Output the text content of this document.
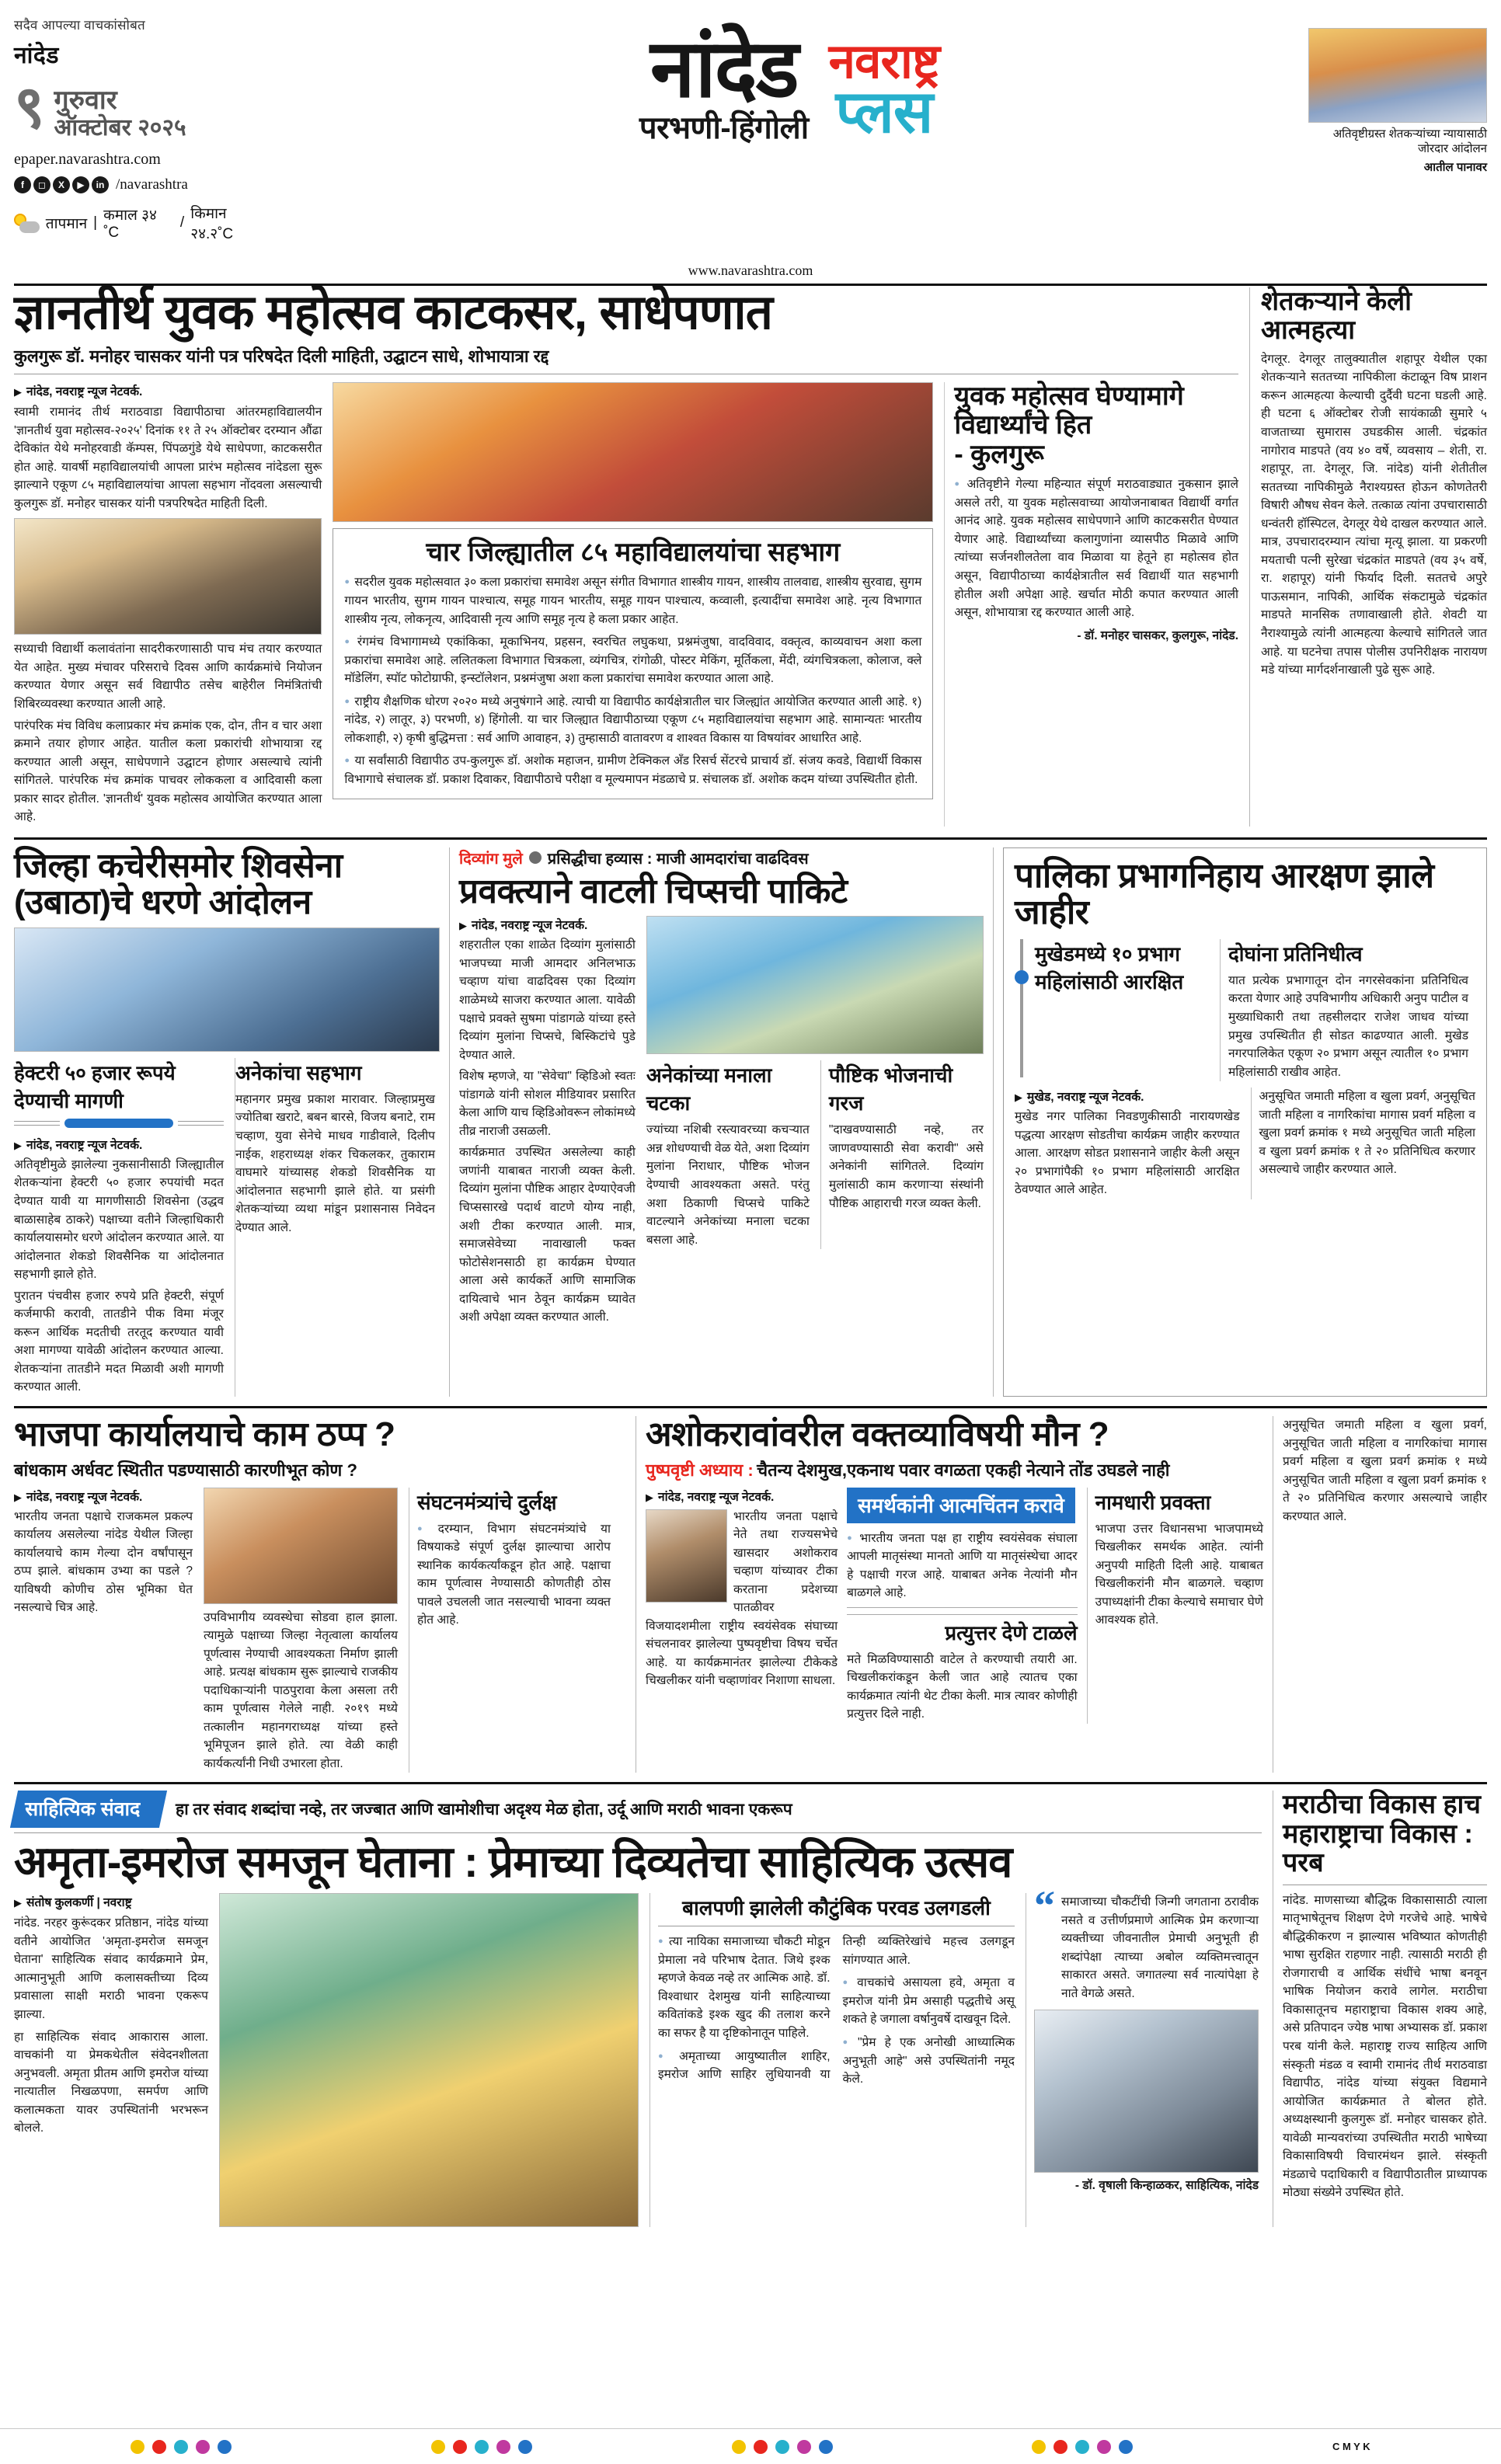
सदैव आपल्या वाचकांसोबत
नांदेड
९ गुरुवार
ऑक्टोबर २०२५
epaper.navarashtra.com
f	◻	X	▶	in /navarashtra
तापमान | कमाल ३४ ˚C
/
किमान २४.२˚C
नांदेड
परभणी-हिंगोली
नवराष्ट्र
प्लस	अतिवृष्टीग्रस्त शेतकऱ्यांच्या न्यायासाठी जोरदार आंदोलन
आतील पानावर
www.navarashtra.com
ज्ञानतीर्थ युवक महोत्सव काटकसर, साधेपणात
कुलगुरू डॉ. मनोहर चासकर यांनी पत्र परिषदेत दिली माहिती, उद्घाटन साधे, शोभायात्रा रद्द
▶ नांदेड, नवराष्ट्र न्यूज नेटवर्क.
स्वामी रामानंद तीर्थ मराठवाडा विद्यापीठाचा आंतरमहाविद्यालयीन 'ज्ञानतीर्थ युवा महोत्सव-२०२५' दिनांक ११ ते २५ ऑक्टोबर दरम्यान औंढा देविकांत येथे मनोहरवाडी कॅम्पस, पिंपळगुंडे येथे साधेपणा, काटकसरीत होत आहे. यावर्षी महाविद्यालयांची आपला प्रारंभ महोत्सव नांदेडला सुरू झाल्याने एकूण ८५ महाविद्यालयांचा आपला सहभाग नोंदवला असल्याची कुलगुरू डॉ. मनोहर चासकर यांनी पत्रपरिषदेत माहिती दिली.
सध्याची विद्यार्थी कलावंतांना सादरीकरणासाठी पाच मंच तयार करण्यात येत आहेत. मुख्य मंचावर परिसराचे दिवस आणि कार्यक्रमांचे नियोजन करण्यात येणार असून सर्व विद्यापीठ तसेच बाहेरील निमंत्रितांची शिबिरव्यवस्था करण्यात आली आहे.
पारंपरिक मंच विविध कलाप्रकार मंच क्रमांक एक, दोन, तीन व चार अशा क्रमाने तयार होणार आहेत. यातील कला प्रकारांची शोभायात्रा रद्द करण्यात आली असून, साधेपणाने उद्घाटन होणार असल्याचे त्यांनी सांगितले. पारंपरिक मंच क्रमांक पाचवर लोककला व आदिवासी कला प्रकार सादर होतील. 'ज्ञानतीर्थ' युवक महोत्सव आयोजित करण्यात आला आहे.
चार जिल्ह्यातील ८५ महाविद्यालयांचा सहभाग
● सदरील युवक महोत्सवात ३० कला प्रकारांचा समावेश असून संगीत विभागात शास्त्रीय गायन, शास्त्रीय तालवाद्य, शास्त्रीय सुरवाद्य, सुगम गायन भारतीय, सुगम गायन पाश्चात्य, समूह गायन भारतीय, समूह गायन पाश्चात्य, कव्वाली, इत्यादींचा समावेश आहे. नृत्य विभागात शास्त्रीय नृत्य, लोकनृत्य, आदिवासी नृत्य आणि समूह नृत्य हे कला प्रकार आहेत.
● रंगमंच विभागामध्ये एकांकिका, मूकाभिनय, प्रहसन, स्वरचित लघुकथा, प्रश्नमंजुषा, वादविवाद, वक्तृत्व, काव्यवाचन अशा कला प्रकारांचा समावेश आहे. ललितकला विभागात चित्रकला, व्यंगचित्र, रांगोळी, पोस्टर मेकिंग, मूर्तिकला, मेंदी, व्यंगचित्रकला, कोलाज, क्ले मॉडेलिंग, स्पॉट फोटोग्राफी, इन्स्टॉलेशन, प्रश्नमंजुषा अशा कला प्रकारांचा समावेश करण्यात आला आहे.
● राष्ट्रीय शैक्षणिक धोरण २०२० मध्ये अनुषंगाने आहे. त्याची या विद्यापीठ कार्यक्षेत्रातील चार जिल्ह्यांत आयोजित करण्यात आली आहे. १) नांदेड, २) लातूर, ३) परभणी, ४) हिंगोली. या चार जिल्ह्यात विद्यापीठाच्या एकूण ८५ महाविद्यालयांचा सहभाग आहे. सामान्यतः भारतीय लोकशाही, २) कृषी बुद्धिमत्ता : सर्व आणि आवाहन, ३) तुम्हासाठी वातावरण व शाश्वत विकास या विषयांवर आधारित आहे.
● या सर्वांसाठी विद्यापीठ उप-कुलगुरू डॉ. अशोक महाजन, ग्रामीण टेक्निकल अँड रिसर्च सेंटरचे प्राचार्य डॉ. संजय कवडे, विद्यार्थी विकास विभागाचे संचालक डॉ. प्रकाश दिवाकर, विद्यापीठाचे परीक्षा व मूल्यमापन मंडळाचे प्र. संचालक डॉ. अशोक कदम यांच्या उपस्थितीत होती.
युवक महोत्सव घेण्यामागे विद्यार्थ्यांचे हित
- कुलगुरू
● अतिवृष्टीने गेल्या महिन्यात संपूर्ण मराठवाड्यात नुकसान झाले असले तरी, या युवक महोत्सवाच्या आयोजनाबाबत विद्यार्थी वर्गात आनंद आहे. युवक महोत्सव साधेपणाने आणि काटकसरीत घेण्यात येणार आहे. विद्यार्थ्यांच्या कलागुणांना व्यासपीठ मिळावे आणि त्यांच्या सर्जनशीलतेला वाव मिळावा या हेतूने हा महोत्सव होत असून, विद्यापीठाच्या कार्यक्षेत्रातील सर्व विद्यार्थी यात सहभागी होतील अशी अपेक्षा आहे. खर्चात मोठी कपात करण्यात आली असून, शोभायात्रा रद्द करण्यात आली आहे.
- डॉ. मनोहर चासकर, कुलगुरू, नांदेड.
शेतकऱ्याने केली आत्महत्या
देगलूर. देगलूर तालुक्यातील शहापूर येथील एका शेतकऱ्याने सततच्या नापिकीला कंटाळून विष प्राशन करून आत्महत्या केल्याची दुर्दैवी घटना घडली आहे. ही घटना ६ ऑक्टोबर रोजी सायंकाळी सुमारे ५ वाजताच्या सुमारास उघडकीस आली. चंद्रकांत नागोराव माडपते (वय ४० वर्षे, व्यवसाय – शेती, रा. शहापूर, ता. देगलूर, जि. नांदेड) यांनी शेतीतील सततच्या नापिकीमुळे नैराश्यग्रस्त होऊन कोणतेतरी विषारी औषध सेवन केले. तत्काळ त्यांना उपचारासाठी धन्वंतरी हॉस्पिटल, देगलूर येथे दाखल करण्यात आले. मात्र, उपचारादरम्यान त्यांचा मृत्यू झाला. या प्रकरणी मयताची पत्नी सुरेखा चंद्रकांत माडपते (वय ३५ वर्षे, रा. शहापूर) यांनी फिर्याद दिली. सततचे अपुरे पाऊसमान, नापिकी, आर्थिक संकटामुळे चंद्रकांत माडपते मानसिक तणावाखाली होते. शेवटी या नैराश्यामुळे त्यांनी आत्महत्या केल्याचे सांगितले जात आहे. या घटनेचा तपास पोलीस उपनिरीक्षक नारायण मडे यांच्या मार्गदर्शनाखाली पुढे सुरू आहे.
जिल्हा कचेरीसमोर शिवसेना (उबाठा)चे धरणे आंदोलन
हेक्टरी ५० हजार रूपये देण्याची मागणी
▶ नांदेड, नवराष्ट्र न्यूज नेटवर्क.
अतिवृष्टीमुळे झालेल्या नुकसानीसाठी जिल्ह्यातील शेतकऱ्यांना हेक्टरी ५० हजार रुपयांची मदत देण्यात यावी या मागणीसाठी शिवसेना (उद्धव बाळासाहेब ठाकरे) पक्षाच्या वतीने जिल्हाधिकारी कार्यालयासमोर धरणे आंदोलन करण्यात आले. या आंदोलनात शेकडो शिवसैनिक या आंदोलनात सहभागी झाले होते.
पुरातन पंचवीस हजार रुपये प्रति हेक्टरी, संपूर्ण कर्जमाफी करावी, तातडीने पीक विमा मंजूर करून आर्थिक मदतीची तरतूद करण्यात यावी अशा मागण्या यावेळी आंदोलन करण्यात आल्या. शेतकऱ्यांना तातडीने मदत मिळावी अशी मागणी करण्यात आली.
अनेकांचा सहभाग
महानगर प्रमुख प्रकाश मारावार. जिल्हाप्रमुख ज्योतिबा खराटे, बबन बारसे, विजय बनाटे, राम चव्हाण, युवा सेनेचे माधव गाडीवाले, दिलीप नाईक, शहराध्यक्ष शंकर चिकलकर, तुकाराम वाघमारे यांच्यासह शेकडो शिवसैनिक या आंदोलनात सहभागी झाले होते. या प्रसंगी शेतकऱ्यांच्या व्यथा मांडून प्रशासनास निवेदन देण्यात आले.
दिव्यांग मुले प्रसिद्धीचा हव्यास : माजी आमदारांचा वाढदिवस
प्रवक्त्याने वाटली चिप्सची पाकिटे
▶ नांदेड, नवराष्ट्र न्यूज नेटवर्क.
शहरातील एका शाळेत दिव्यांग मुलांसाठी भाजपच्या माजी आमदार अनिलभाऊ चव्हाण यांचा वाढदिवस एका दिव्यांग शाळेमध्ये साजरा करण्यात आला. यावेळी पक्षाचे प्रवक्ते सुषमा पांडागळे यांच्या हस्ते दिव्यांग मुलांना चिप्सचे, बिस्किटांचे पुडे देण्यात आले.
विशेष म्हणजे, या "सेवेचा" व्हिडिओ स्वतः पांडागळे यांनी सोशल मीडियावर प्रसारित केला आणि याच व्हिडिओवरून लोकांमध्ये तीव्र नाराजी उसळली.
कार्यक्रमात उपस्थित असलेल्या काही जणांनी याबाबत नाराजी व्यक्त केली. दिव्यांग मुलांना पौष्टिक आहार देण्याऐवजी चिप्ससारखे पदार्थ वाटणे योग्य नाही, अशी टीका करण्यात आली. मात्र, समाजसेवेच्या नावाखाली फक्त फोटोसेशनसाठी हा कार्यक्रम घेण्यात आला असे कार्यकर्ते आणि सामाजिक दायित्वाचे भान ठेवून कार्यक्रम घ्यावेत अशी अपेक्षा व्यक्त करण्यात आली.
अनेकांच्या मनाला चटका
ज्यांच्या नशिबी रस्त्यावरच्या कचऱ्यात अन्न शोधण्याची वेळ येते, अशा दिव्यांग मुलांना निराधार, पौष्टिक भोजन देण्याची आवश्यकता असते. परंतु अशा ठिकाणी चिप्सचे पाकिटे वाटल्याने अनेकांच्या मनाला चटका बसला आहे.
पौष्टिक भोजनाची गरज
"दाखवण्यासाठी नव्हे, तर जाणवण्यासाठी सेवा करावी" असे अनेकांनी सांगितले. दिव्यांग मुलांसाठी काम करणाऱ्या संस्थांनी पौष्टिक आहाराची गरज व्यक्त केली.
पालिका प्रभागनिहाय आरक्षण झाले जाहीर
मुखेडमध्ये १० प्रभाग महिलांसाठी आरक्षित
दोघांना प्रतिनिधीत्व
यात प्रत्येक प्रभागातून दोन नगरसेवकांना प्रतिनिधित्व करता येणार आहे उपविभागीय अधिकारी अनुप पाटील व मुख्याधिकारी तथा तहसीलदार राजेश जाधव यांच्या प्रमुख उपस्थितीत ही सोडत काढण्यात आली. मुखेड नगरपालिकेत एकूण २० प्रभाग असून त्यातील १० प्रभाग महिलांसाठी राखीव आहेत.
▶ मुखेड, नवराष्ट्र न्यूज नेटवर्क.
मुखेड नगर पालिका निवडणुकीसाठी नारायणखेड पद्धत्या आरक्षण सोडतीचा कार्यक्रम जाहीर करण्यात आला. आरक्षण सोडत प्रशासनाने जाहीर केली असून २० प्रभागांपैकी १० प्रभाग महिलांसाठी आरक्षित ठेवण्यात आले आहेत.
अनुसूचित जमाती महिला व खुला प्रवर्ग, अनुसूचित जाती महिला व नागरिकांचा मागास प्रवर्ग महिला व खुला प्रवर्ग क्रमांक १ मध्ये अनुसूचित जाती महिला व खुला प्रवर्ग क्रमांक १ ते २० प्रतिनिधित्व करणार असल्याचे जाहीर करण्यात आले.
भाजपा कार्यालयाचे काम ठप्प ?
बांधकाम अर्धवट स्थितीत पडण्यासाठी कारणीभूत कोण ?
▶ नांदेड, नवराष्ट्र न्यूज नेटवर्क.
भारतीय जनता पक्षाचे राजकमल प्रकल्प कार्यालय असलेल्या नांदेड येथील जिल्हा कार्यालयाचे काम गेल्या दोन वर्षांपासून ठप्प झाले. बांधकाम उभ्या का पडले ? याविषयी कोणीच ठोस भूमिका घेत नसल्याचे चित्र आहे.
उपविभागीय व्यवस्थेचा सोडवा हाल झाला. त्यामुळे पक्षाच्या जिल्हा नेतृत्वाला कार्यालय पूर्णत्वास नेण्याची आवश्यकता निर्माण झाली आहे. प्रत्यक्ष बांधकाम सुरू झाल्याचे राजकीय पदाधिकाऱ्यांनी पाठपुरावा केला असला तरी काम पूर्णत्वास गेलेले नाही. २०१९ मध्ये तत्कालीन महानगराध्यक्ष यांच्या हस्ते भूमिपूजन झाले होते. त्या वेळी काही कार्यकर्त्यांनी निधी उभारला होता.
संघटनमंत्र्यांचे दुर्लक्ष
● दरम्यान, विभाग संघटनमंत्र्यांचे या विषयाकडे संपूर्ण दुर्लक्ष झाल्याचा आरोप स्थानिक कार्यकर्त्यांकडून होत आहे. पक्षाचा काम पूर्णत्वास नेण्यासाठी कोणतीही ठोस पावले उचलली जात नसल्याची भावना व्यक्त होत आहे.
अशोकरावांवरील वक्तव्याविषयी मौन ?
पुष्पवृष्टी अध्याय : चैतन्य देशमुख,एकनाथ पवार वगळता एकही नेत्याने तोंड उघडले नाही
▶ नांदेड, नवराष्ट्र न्यूज नेटवर्क.
भारतीय जनता पक्षाचे नेते तथा राज्यसभेचे खासदार अशोकराव चव्हाण यांच्यावर टीका करताना प्रदेशच्या पातळीवर विजयादशमीला राष्ट्रीय स्वयंसेवक संघाच्या संचलनावर झालेल्या पुष्पवृष्टीचा विषय चर्चेत आहे. या कार्यक्रमानंतर झालेल्या टीकेकडे चिखलीकर यांनी चव्हाणांवर निशाणा साधला.
समर्थकांनी आत्मचिंतन करावे
● भारतीय जनता पक्ष हा राष्ट्रीय स्वयंसेवक संघाला आपली मातृसंस्था मानतो आणि या मातृसंस्थेचा आदर हे पक्षाची गरज आहे. याबाबत अनेक नेत्यांनी मौन बाळगले आहे.
प्रत्युत्तर देणे टाळले
मते मिळविण्यासाठी वाटेल ते करण्याची तयारी आ. चिखलीकरांकडून केली जात आहे त्यातच एका कार्यक्रमात त्यांनी थेट टीका केली. मात्र त्यावर कोणीही प्रत्युत्तर दिले नाही.
नामधारी प्रवक्ता
भाजपा उत्तर विधानसभा भाजपामध्ये चिखलीकर समर्थक आहेत. त्यांनी अनुपयी माहिती दिली आहे. याबाबत चिखलीकरांनी मौन बाळगले. चव्हाण उपाध्यक्षांनी टीका केल्याचे समाचार घेणे आवश्यक होते.
अनुसूचित जमाती महिला व खुला प्रवर्ग, अनुसूचित जाती महिला व नागरिकांचा मागास प्रवर्ग महिला व खुला प्रवर्ग क्रमांक १ मध्ये अनुसूचित जाती महिला व खुला प्रवर्ग क्रमांक १ ते २० प्रतिनिधित्व करणार असल्याचे जाहीर करण्यात आले.
साहित्यिक संवाद	हा तर संवाद शब्दांचा नव्हे, तर जज्बात आणि खामोशीचा अदृश्य मेळ होता, उर्दू आणि मराठी भावना एकरूप
अमृता-इमरोज समजून घेताना : प्रेमाच्या दिव्यतेचा साहित्यिक उत्सव
▶ संतोष कुलकर्णी | नवराष्ट्र
नांदेड. नरहर कुरूंदकर प्रतिष्ठान, नांदेड यांच्या वतीने आयोजित 'अमृता-इमरोज समजून घेताना' साहित्यिक संवाद कार्यक्रमाने प्रेम, आत्मानुभूती आणि कलासक्तीच्या दिव्य प्रवासाला साक्षी मराठी भावना एकरूप झाल्या.
हा साहित्यिक संवाद आकारास आला. वाचकांनी या प्रेमकथेतील संवेदनशीलता अनुभवली. अमृता प्रीतम आणि इमरोज यांच्या नात्यातील निखळपणा, समर्पण आणि कलात्मकता यावर उपस्थितांनी भरभरून बोलले.
बालपणी झालेली कौटुंबिक परवड उलगडली
● त्या नायिका समाजाच्या चौकटी मोडून प्रेमाला नवे परिभाष देतात. जिथे इश्क म्हणजे केवळ नव्हे तर आत्मिक आहे. डॉ. विश्वाधार देशमुख यांनी साहित्याच्या कवितांकडे इश्क खुद की तलाश करने का सफर है या दृष्टिकोनातून पाहिले.
● अमृताच्या आयुष्यातील शाहिर, इमरोज आणि साहिर लुधियानवी या तिन्ही व्यक्तिरेखांचे महत्त्व उलगडून सांगण्यात आले.
● वाचकांचे असायला हवे, अमृता व इमरोज यांनी प्रेम असाही पद्धतीचे असू शकते हे जगाला वर्षानुवर्षे दाखवून दिले.
● "प्रेम हे एक अनोखी आध्यात्मिक अनुभूती आहे" असे उपस्थितांनी नमूद केले.
“ समाजाच्या चौकटींची जिन्गी जगताना ठरावीक नसते व उत्तीर्णप्रमाणे आत्मिक प्रेम करणाऱ्या व्यक्तीच्या जीवनातील प्रेमाची अनुभूती ही शब्दांपेक्षा त्याच्या अबोल व्यक्तिमत्त्वातून साकारत असते. जगातल्या सर्व नात्यांपेक्षा हे नाते वेगळे असते.
- डॉ. वृषाली किन्हाळकर, साहित्यिक, नांदेड
मराठीचा विकास हाच महाराष्ट्राचा विकास : परब
नांदेड. माणसाच्या बौद्धिक विकासासाठी त्याला मातृभाषेतूनच शिक्षण देणे गरजेचे आहे. भाषेचे बौद्धिकीकरण न झाल्यास भविष्यात कोणतीही भाषा सुरक्षित राहणार नाही. त्यासाठी मराठी ही रोजगाराची व आर्थिक संधींचे भाषा बनवून भाषिक नियोजन करावे लागेल. मराठीचा विकासातूनच महाराष्ट्राचा विकास शक्य आहे, असे प्रतिपादन ज्येष्ठ भाषा अभ्यासक डॉ. प्रकाश परब यांनी केले. महाराष्ट्र राज्य साहित्य आणि संस्कृती मंडळ व स्वामी रामानंद तीर्थ मराठवाडा विद्यापीठ, नांदेड यांच्या संयुक्त विद्यमाने आयोजित कार्यक्रमात ते बोलत होते. अध्यक्षस्थानी कुलगुरू डॉ. मनोहर चासकर होते. यावेळी मान्यवरांच्या उपस्थितीत मराठी भाषेच्या विकासाविषयी विचारमंथन झाले. संस्कृती मंडळाचे पदाधिकारी व विद्यापीठातील प्राध्यापक मोठ्या संख्येने उपस्थित होते.
C M Y K
